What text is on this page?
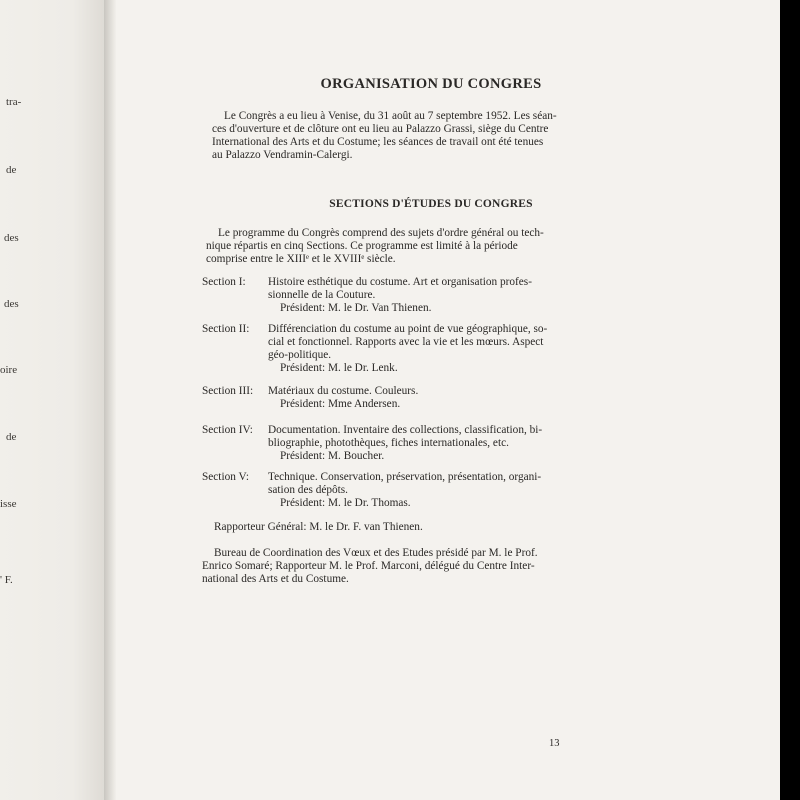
tra-
de
des
des
oire
de
isse
' F.
ORGANISATION DU CONGRES
Le Congrès a eu lieu à Venise, du 31 août au 7 septembre 1952. Les séan-
ces d'ouverture et de clôture ont eu lieu au Palazzo Grassi, siège du Centre
International des Arts et du Costume; les séances de travail ont été tenues
au Palazzo Vendramin-Calergi.
SECTIONS D'ÉTUDES DU CONGRES
Le programme du Congrès comprend des sujets d'ordre général ou tech-
nique répartis en cinq Sections. Ce programme est limité à la période
comprise entre le XIIIᵉ et le XVIIIᵉ siècle.
Section I: Histoire esthétique du costume. Art et organisation profes-
sionnelle de la Couture.
Président: M. le Dr. Van Thienen.
Section II: Différenciation du costume au point de vue géographique, so-
cial et fonctionnel. Rapports avec la vie et les mœurs. Aspect
géo-politique.
Président: M. le Dr. Lenk.
Section III: Matériaux du costume. Couleurs.
Président: Mme Andersen.
Section IV: Documentation. Inventaire des collections, classification, bi-
bliographie, photothèques, fiches internationales, etc.
Président: M. Boucher.
Section V: Technique. Conservation, préservation, présentation, organi-
sation des dépôts.
Président: M. le Dr. Thomas.
Rapporteur Général: M. le Dr. F. van Thienen.
Bureau de Coordination des Vœux et des Etudes présidé par M. le Prof.
Enrico Somaré; Rapporteur M. le Prof. Marconi, délégué du Centre Inter-
national des Arts et du Costume.
13
